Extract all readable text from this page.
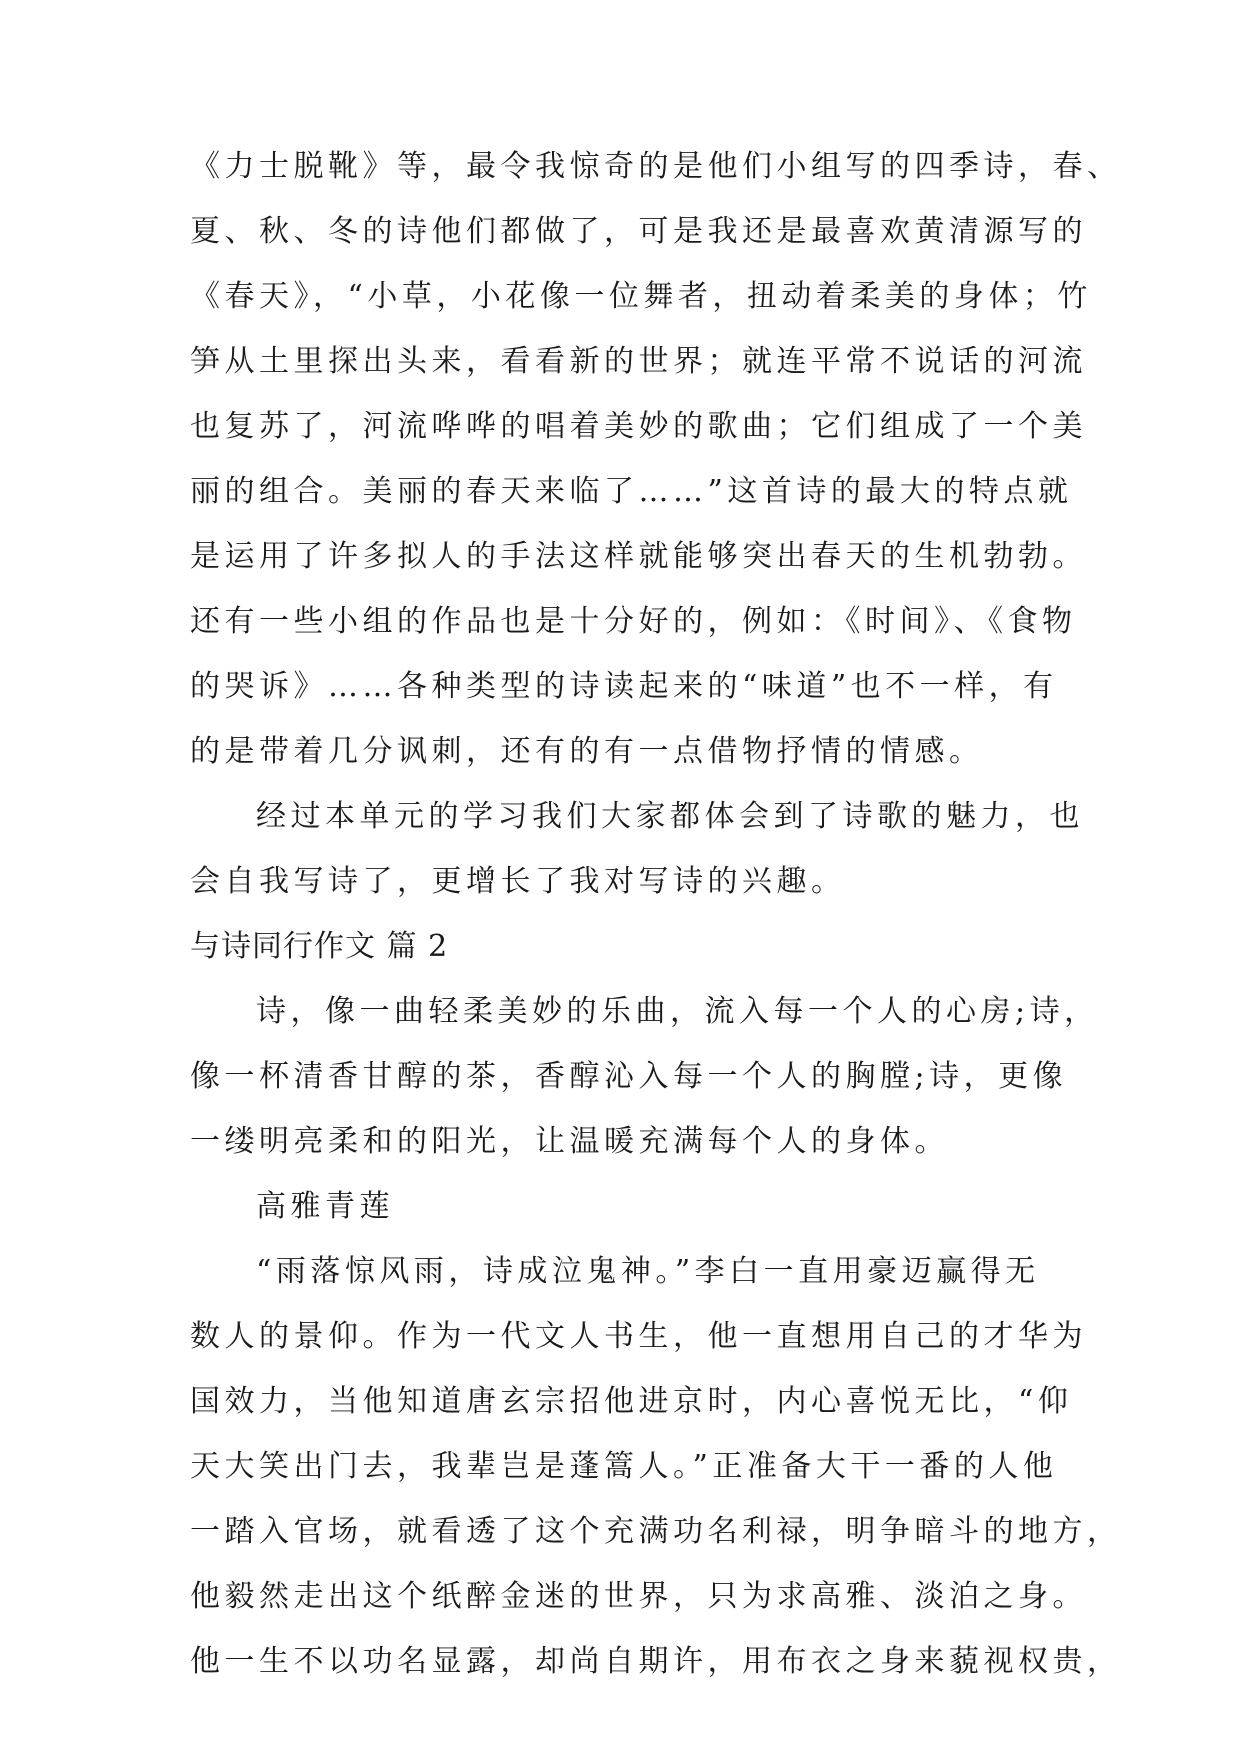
《力士脱靴》等，最令我惊奇的是他们小组写的四季诗，春、
夏、秋、冬的诗他们都做了，可是我还是最喜欢黄清源写的
《春天》，“小草，小花像一位舞者，扭动着柔美的身体；竹
笋从土里探出头来，看看新的世界；就连平常不说话的河流
也复苏了，河流哗哗的唱着美妙的歌曲；它们组成了一个美
丽的组合。美丽的春天来临了……”这首诗的最大的特点就
是运用了许多拟人的手法这样就能够突出春天的生机勃勃。
还有一些小组的作品也是十分好的，例如：《时间》、《食物
的哭诉》……各种类型的诗读起来的“味道”也不一样，有
的是带着几分讽刺，还有的有一点借物抒情的情感。
经过本单元的学习我们大家都体会到了诗歌的魅力，也
会自我写诗了，更增长了我对写诗的兴趣。
与诗同行作文 篇 2
诗，像一曲轻柔美妙的乐曲，流入每一个人的心房;诗，
像一杯清香甘醇的茶，香醇沁入每一个人的胸膛;诗，更像
一缕明亮柔和的阳光，让温暖充满每个人的身体。
高雅青莲
“雨落惊风雨，诗成泣鬼神。”李白一直用豪迈赢得无
数人的景仰。作为一代文人书生，他一直想用自己的才华为
国效力，当他知道唐玄宗招他进京时，内心喜悦无比，“仰
天大笑出门去，我辈岂是蓬篙人。”正准备大干一番的人他
一踏入官场，就看透了这个充满功名利禄，明争暗斗的地方，
他毅然走出这个纸醉金迷的世界，只为求高雅、淡泊之身。
他一生不以功名显露，却尚自期许，用布衣之身来藐视权贵，
